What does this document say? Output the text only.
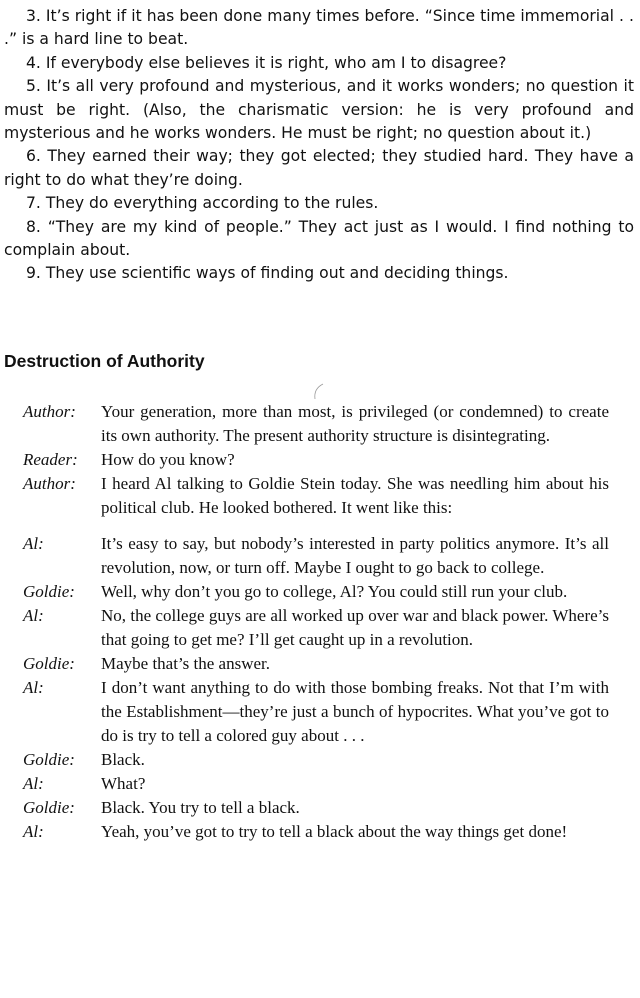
3. It’s right if it has been done many times before. “Since time immemorial . . .” is a hard line to beat.

4. If everybody else believes it is right, who am I to disagree?

5. It’s all very profound and mysterious, and it works wonders; no question it must be right. (Also, the charismatic version: he is very profound and mysterious and he works wonders. He must be right; no question about it.)

6. They earned their way; they got elected; they studied hard. They have a right to do what they’re doing.

7. They do everything according to the rules.

8. “They are my kind of people.” They act just as I would. I find nothing to complain about.

9. They use scientific ways of finding out and deciding things.

Destruction of Authority
Author:	Your generation, more than most, is privileged (or condemned) to create its own authority. The present authority structure is disintegrating.
Reader:	How do you know?
Author:	I heard Al talking to Goldie Stein today. She was needling him about his political club. He looked bothered. It went like this:
Al:	It’s easy to say, but nobody’s interested in party politics anymore. It’s all revolution, now, or turn off. Maybe I ought to go back to college.
Goldie:	Well, why don’t you go to college, Al? You could still run your club.
Al:	No, the college guys are all worked up over war and black power. Where’s that going to get me? I’ll get caught up in a revolution.
Goldie:	Maybe that’s the answer.
Al:	I don’t want anything to do with those bombing freaks. Not that I’m with the Establishment—they’re just a bunch of hypocrites. What you’ve got to do is try to tell a colored guy about . . .
Goldie:	Black.
Al:	What?
Goldie:	Black. You try to tell a black.
Al:	Yeah, you’ve got to try to tell a black about the way things get done!
